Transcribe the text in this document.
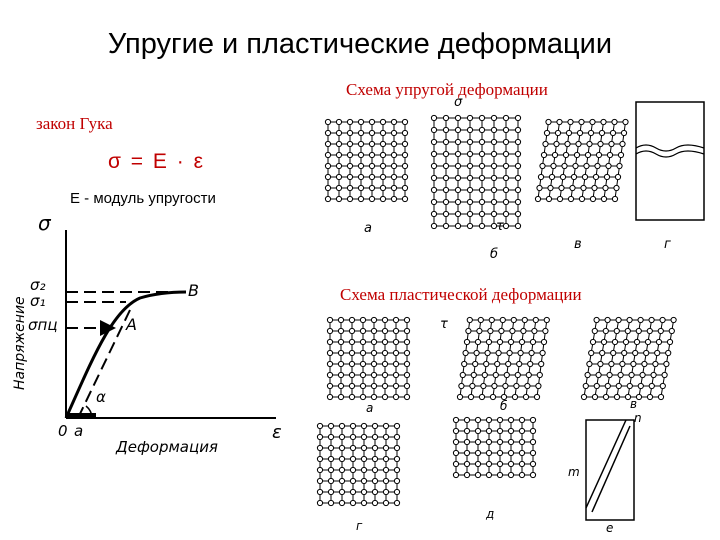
Упругие и пластические деформации
Схема упругой деформации
Схема пластической деформации
закон Гука
σ = E · ε
E - модуль упругости
σ
ε
σ₂
σ₁
σпц
B
A
α
0 а
Деформация
Напряжение
а
б
в	г
σ
τ
а	б	в
г
д
е
n
m
τ
